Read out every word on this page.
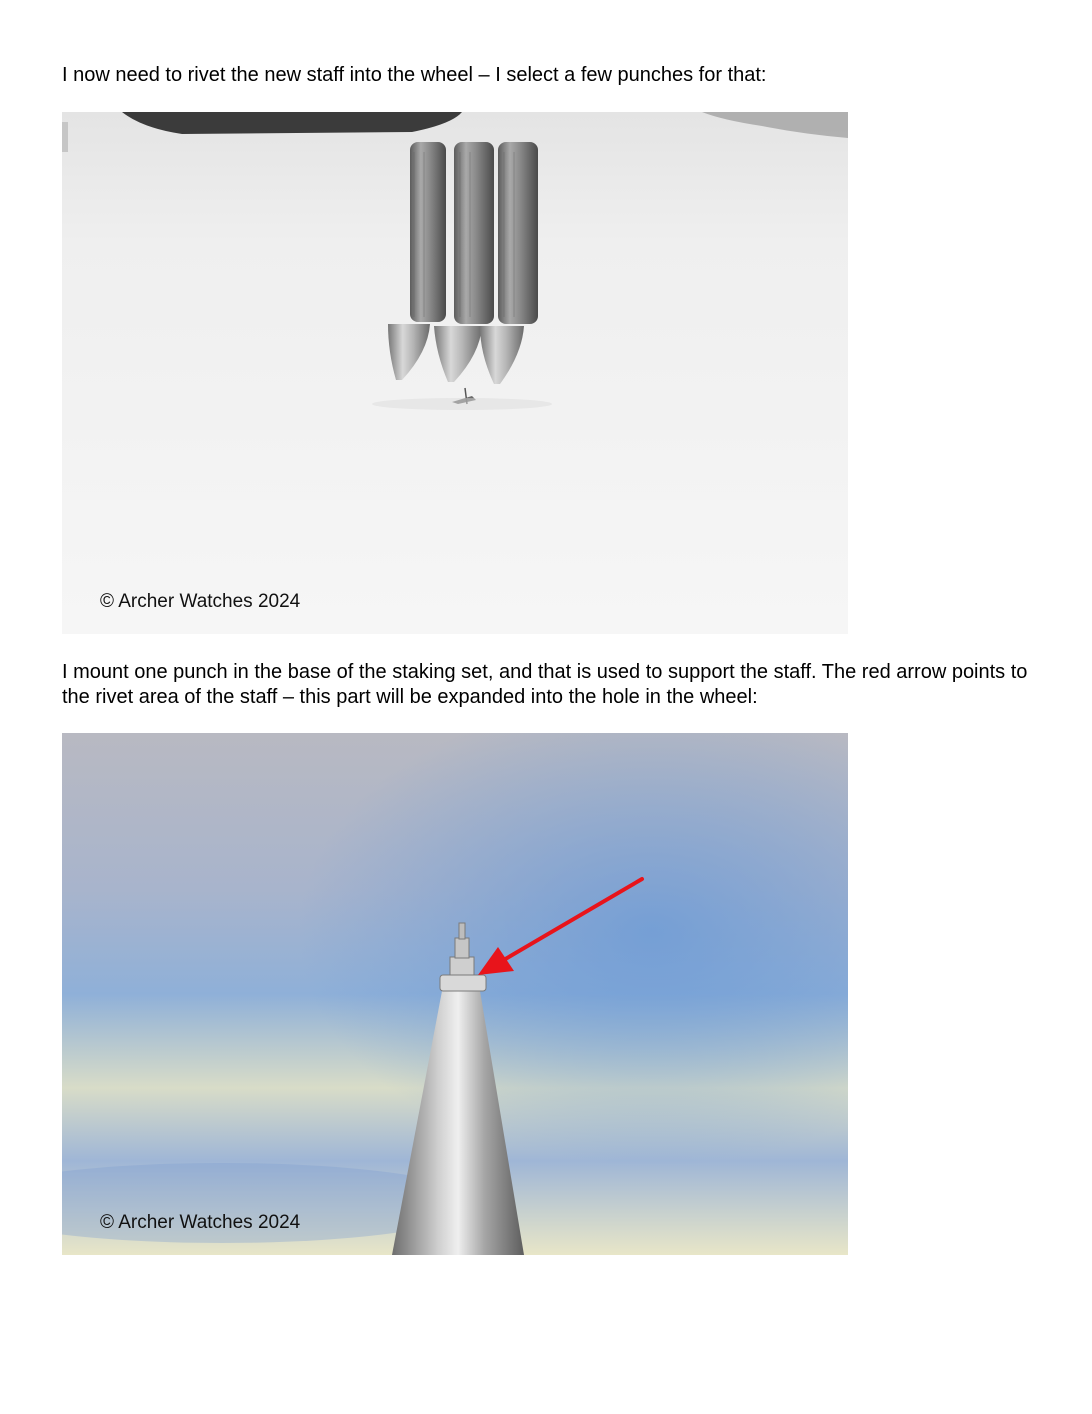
I now need to rivet the new staff into the wheel – I select a few punches for that:

© Archer Watches 2024

I mount one punch in the base of the staking set, and that is used to support the staff. The red arrow points to the rivet area of the staff – this part will be expanded into the hole in the wheel:

© Archer Watches 2024
